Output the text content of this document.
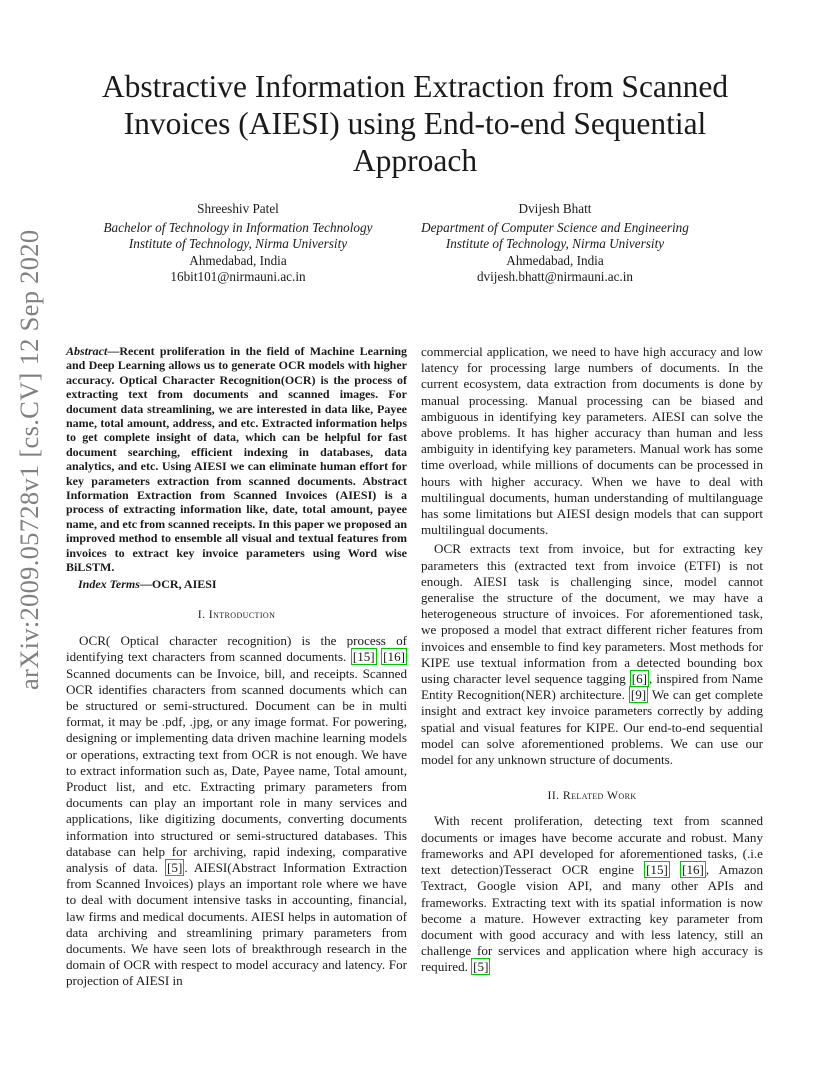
arXiv:2009.05728v1 [cs.CV] 12 Sep 2020
Abstractive Information Extraction from Scanned Invoices (AIESI) using End-to-end Sequential Approach
Shreeshiv Patel
Bachelor of Technology in Information Technology
Institute of Technology, Nirma University
Ahmedabad, India
16bit101@nirmauni.ac.in
Dvijesh Bhatt
Department of Computer Science and Engineering
Institute of Technology, Nirma University
Ahmedabad, India
dvijesh.bhatt@nirmauni.ac.in

Abstract—Recent proliferation in the field of Machine Learning and Deep Learning allows us to generate OCR models with higher accuracy. Optical Character Recognition(OCR) is the process of extracting text from documents and scanned images. For document data streamlining, we are interested in data like, Payee name, total amount, address, and etc. Extracted information helps to get complete insight of data, which can be helpful for fast document searching, efficient indexing in databases, data analytics, and etc. Using AIESI we can eliminate human effort for key parameters extraction from scanned documents. Abstract Information Extraction from Scanned Invoices (AIESI) is a process of extracting information like, date, total amount, payee name, and etc from scanned receipts. In this paper we proposed an improved method to ensemble all visual and textual features from invoices to extract key invoice parameters using Word wise BiLSTM.

Index Terms—OCR, AIESI

I. Introduction

OCR( Optical character recognition) is the process of identifying text characters from scanned documents. [15] [16] Scanned documents can be Invoice, bill, and receipts. Scanned OCR identifies characters from scanned documents which can be structured or semi-structured. Document can be in multi format, it may be .pdf, .jpg, or any image format. For powering, designing or implementing data driven machine learning models or operations, extracting text from OCR is not enough. We have to extract information such as, Date, Payee name, Total amount, Product list, and etc. Extracting primary parameters from documents can play an important role in many services and applications, like digitizing documents, converting documents information into structured or semi-structured databases. This database can help for archiving, rapid indexing, comparative analysis of data. [5] . AIESI(Abstract Information Extraction from Scanned Invoices) plays an important role where we have to deal with document intensive tasks in accounting, financial, law firms and medical documents. AIESI helps in automation of data archiving and streamlining primary parameters from documents. We have seen lots of breakthrough research in the domain of OCR with respect to model accuracy and latency. For projection of AIESI in

commercial application, we need to have high accuracy and low latency for processing large numbers of documents. In the current ecosystem, data extraction from documents is done by manual processing. Manual processing can be biased and ambiguous in identifying key parameters. AIESI can solve the above problems. It has higher accuracy than human and less ambiguity in identifying key parameters. Manual work has some time overload, while millions of documents can be processed in hours with higher accuracy. When we have to deal with multilingual documents, human understanding of multilanguage has some limitations but AIESI design models that can support multilingual documents.

OCR extracts text from invoice, but for extracting key parameters this (extracted text from invoice (ETFI) is not enough. AIESI task is challenging since, model cannot generalise the structure of the document, we may have a heterogeneous structure of invoices. For aforementioned task, we proposed a model that extract different richer features from invoices and ensemble to find key parameters. Most methods for KIPE use textual information from a detected bounding box using character level sequence tagging [6] , inspired from Name Entity Recognition(NER) architecture. [9] We can get complete insight and extract key invoice parameters correctly by adding spatial and visual features for KIPE. Our end-to-end sequential model can solve aforementioned problems. We can use our model for any unknown structure of documents.

II. Related Work

With recent proliferation, detecting text from scanned documents or images have become accurate and robust. Many frameworks and API developed for aforementioned tasks, (.i.e text detection)Tesseract OCR engine [15] [16] , Amazon Textract, Google vision API, and many other APIs and frameworks. Extracting text with its spatial information is now become a mature. However extracting key parameter from document with good accuracy and with less latency, still an challenge for services and application where high accuracy is required. [5]
